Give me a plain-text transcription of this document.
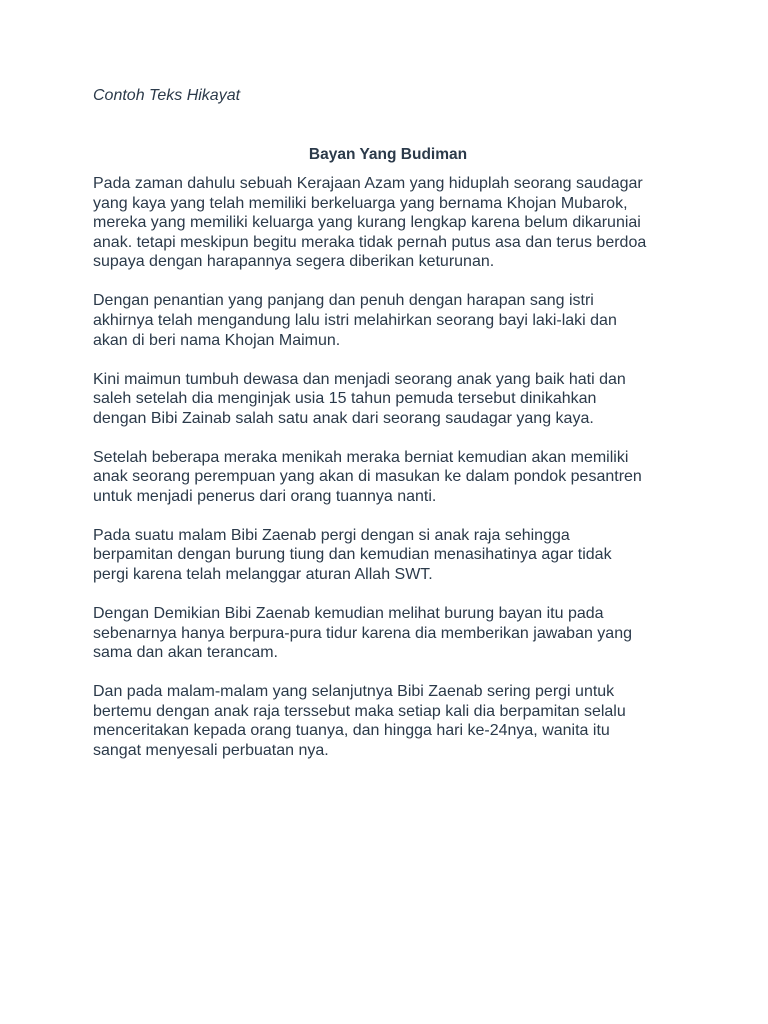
Contoh Teks Hikayat

Bayan Yang Budiman

Pada zaman dahulu sebuah Kerajaan Azam yang hiduplah seorang saudagar
yang kaya yang telah memiliki berkeluarga yang bernama Khojan Mubarok,
mereka yang memiliki keluarga yang kurang lengkap karena belum dikaruniai
anak. tetapi meskipun begitu meraka tidak pernah putus asa dan terus berdoa
supaya dengan harapannya segera diberikan keturunan.

Dengan penantian yang panjang dan penuh dengan harapan sang istri
akhirnya telah mengandung lalu istri melahirkan seorang bayi laki-laki dan
akan di beri nama Khojan Maimun.

Kini maimun tumbuh dewasa dan menjadi seorang anak yang baik hati dan
saleh setelah dia menginjak usia 15 tahun pemuda tersebut dinikahkan
dengan Bibi Zainab salah satu anak dari seorang saudagar yang kaya.

Setelah beberapa meraka menikah meraka berniat kemudian akan memiliki
anak seorang perempuan yang akan di masukan ke dalam pondok pesantren
untuk menjadi penerus dari orang tuannya nanti.

Pada suatu malam Bibi Zaenab pergi dengan si anak raja sehingga
berpamitan dengan burung tiung dan kemudian menasihatinya agar tidak
pergi karena telah melanggar aturan Allah SWT.

Dengan Demikian Bibi Zaenab kemudian melihat burung bayan itu pada
sebenarnya hanya berpura-pura tidur karena dia memberikan jawaban yang
sama dan akan terancam.

Dan pada malam-malam yang selanjutnya Bibi Zaenab sering pergi untuk
bertemu dengan anak raja terssebut maka setiap kali dia berpamitan selalu
menceritakan kepada orang tuanya, dan hingga hari ke-24nya, wanita itu
sangat menyesali perbuatan nya.
